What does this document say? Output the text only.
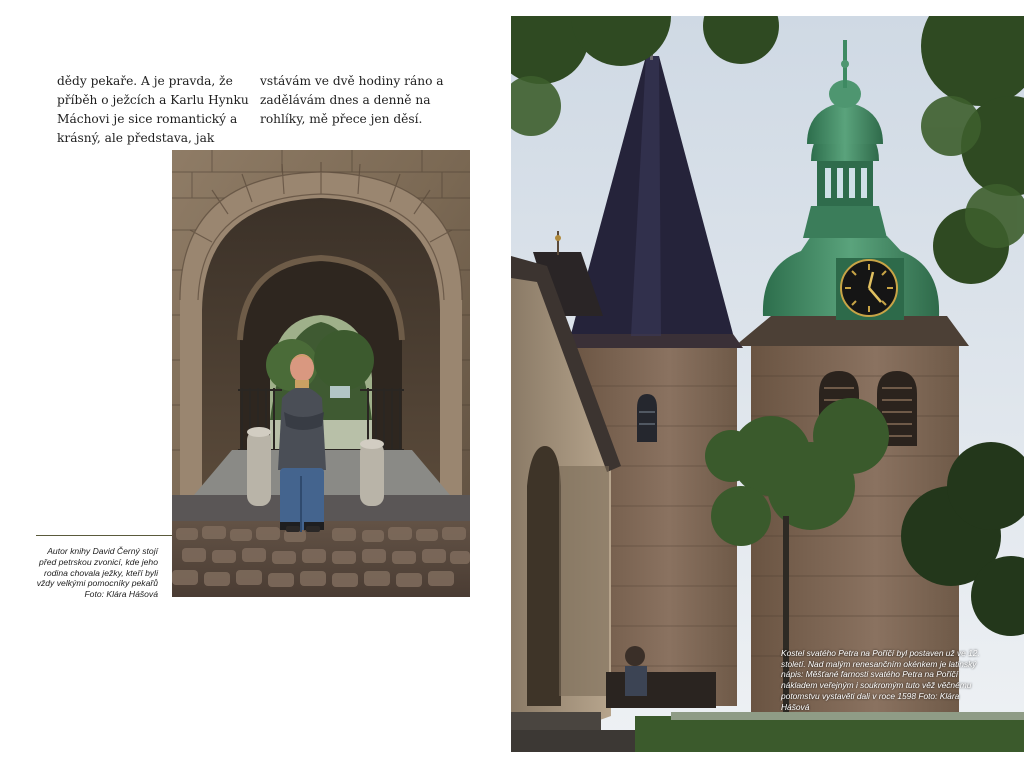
dědy pekaře. A je pravda, že příběh o ježcích a Karlu Hynku Máchovi je sice romantický a krásný, ale představa, jak

vstávám ve dvě hodiny ráno a zadělávám dnes a denně na rohlíky, mě přece jen děsí.

Autor knihy David Černý stojí před petrskou zvonicí, kde jeho rodina chovala ježky, kteří byli vždy velkými pomocníky pekařů Foto: Klára Hášová

Kostel svatého Petra na Poříčí byl postaven už ve 12. století. Nad malým renesančním okénkem je latinský nápis: Měšťané farnosti svatého Petra na Poříčí nákladem veřejným i soukromým tuto věž věčnému potomstvu vystavěti dali v roce 1598 Foto: Klára Hášová
